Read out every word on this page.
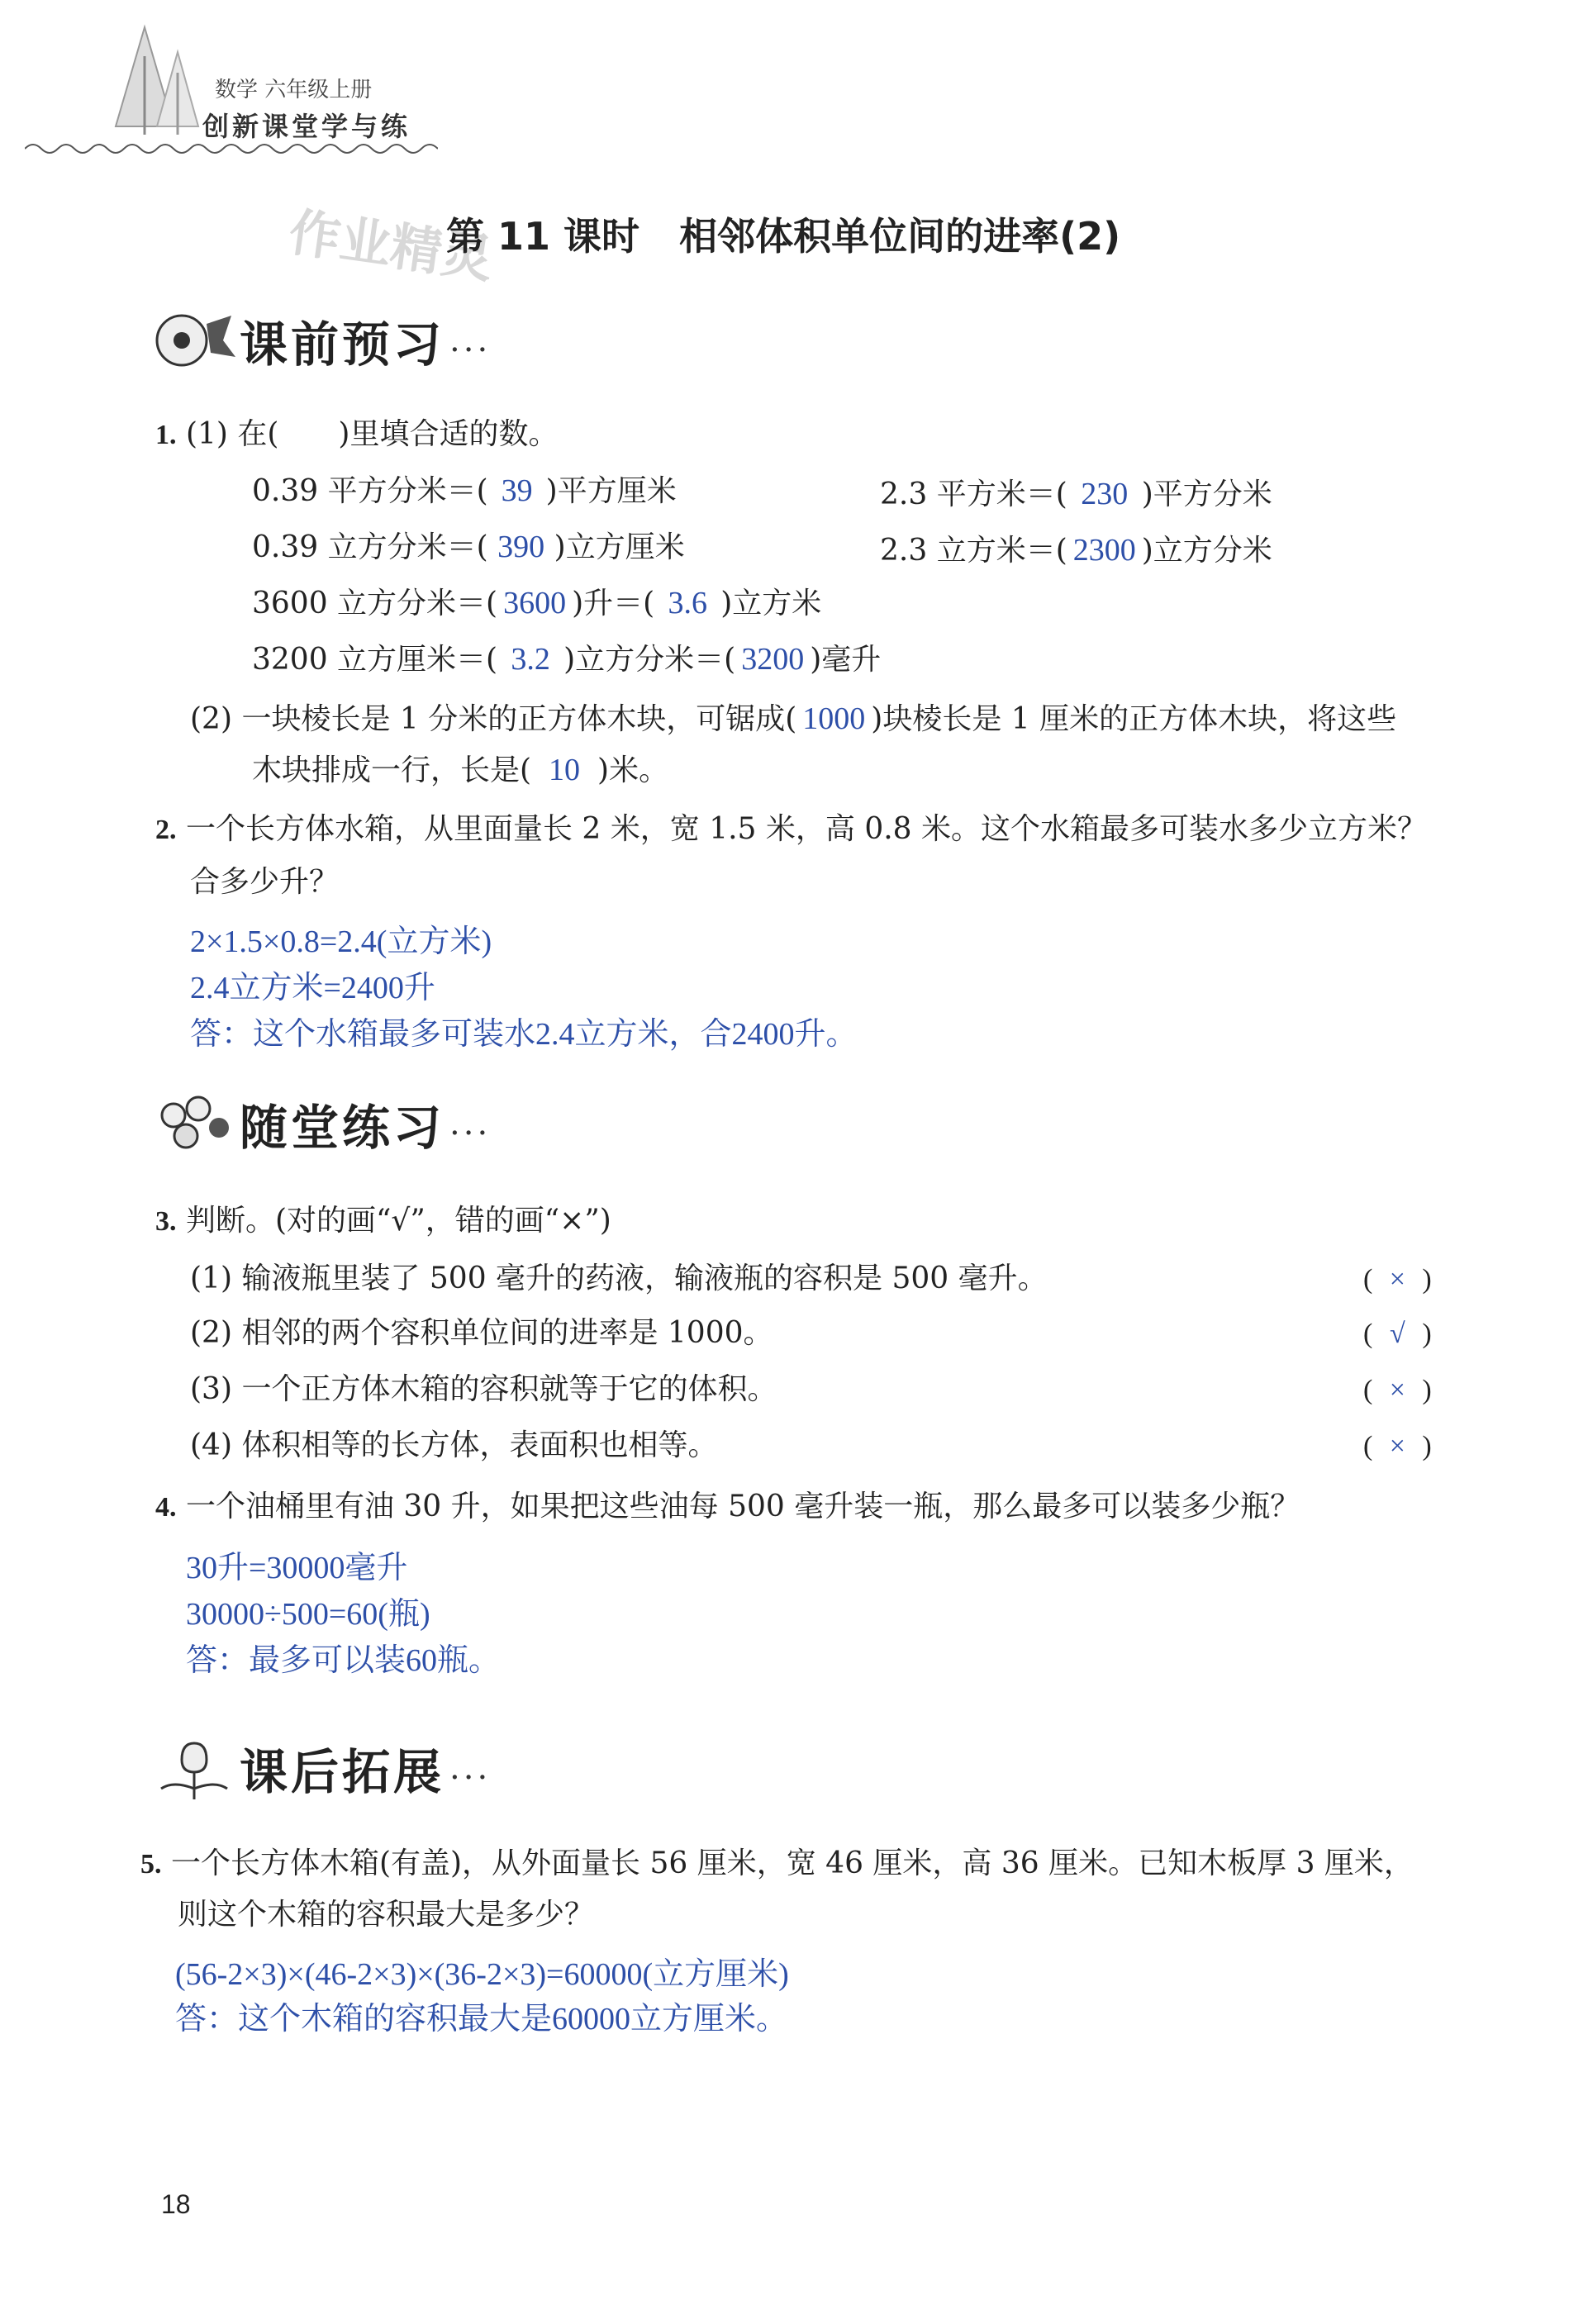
数学 六年级上册
创新课堂学与练
作业精灵
第 11 课时   相邻体积单位间的进率(2)
课前预习 ...
1. (1) 在(　　)里填合适的数。
0.39 平方分米＝( 39 )平方厘米	2.3 平方米＝( 230 )平方分米
0.39 立方分米＝( 390 )立方厘米	2.3 立方米＝( 2300 )立方分米
3600 立方分米＝( 3600 )升＝( 3.6 )立方米
3200 立方厘米＝( 3.2 )立方分米＝( 3200 )毫升
(2) 一块棱长是 1 分米的正方体木块，可锯成( 1000 )块棱长是 1 厘米的正方体木块，将这些
木块排成一行，长是( 10 )米。
2. 一个长方体水箱，从里面量长 2 米，宽 1.5 米，高 0.8 米。这个水箱最多可装水多少立方米？
合多少升？
2×1.5×0.8=2.4(立方米)
2.4立方米=2400升
答：这个水箱最多可装水2.4立方米，合2400升。
随堂练习 ...
3. 判断。(对的画“√”，错的画“×”)
(1) 输液瓶里装了 500 毫升的药液，输液瓶的容积是 500 毫升。	( × )
(2) 相邻的两个容积单位间的进率是 1000。	( √ )
(3) 一个正方体木箱的容积就等于它的体积。	( × )
(4) 体积相等的长方体，表面积也相等。	( × )
4. 一个油桶里有油 30 升，如果把这些油每 500 毫升装一瓶，那么最多可以装多少瓶？
30升=30000毫升
30000÷500=60(瓶)
答：最多可以装60瓶。
课后拓展 ...
5. 一个长方体木箱(有盖)，从外面量长 56 厘米，宽 46 厘米，高 36 厘米。已知木板厚 3 厘米，
则这个木箱的容积最大是多少？
(56-2×3)×(46-2×3)×(36-2×3)=60000(立方厘米)
答：这个木箱的容积最大是60000立方厘米。
18
